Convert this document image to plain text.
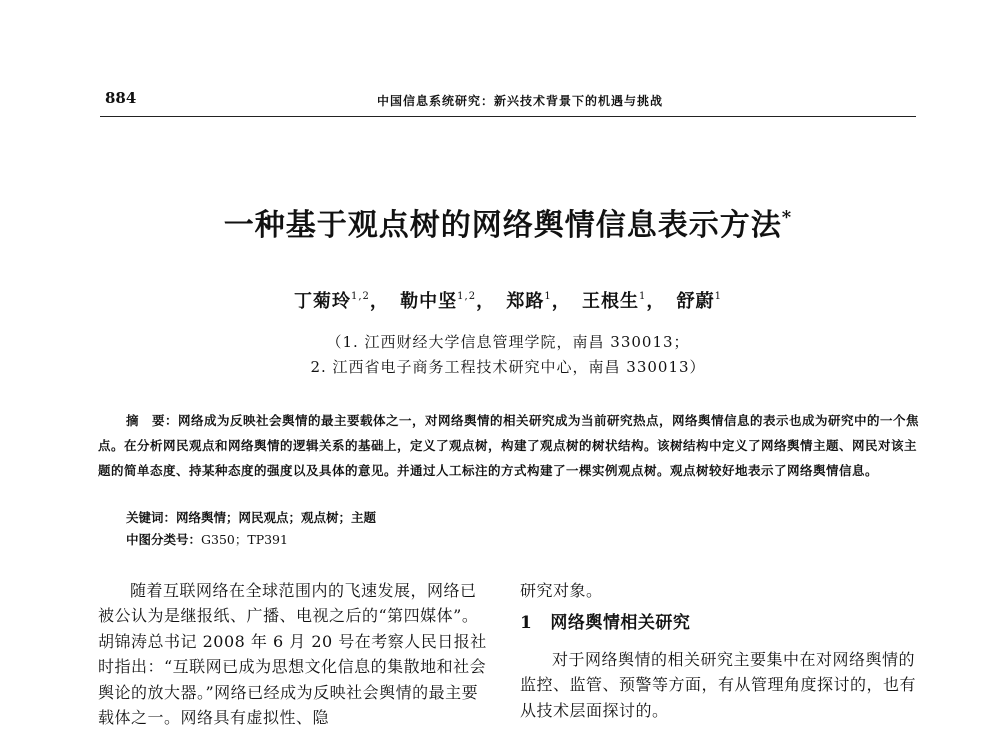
884	中国信息系统研究：新兴技术背景下的机遇与挑战
一种基于观点树的网络舆情信息表示方法*
丁菊玲$^{1,2}$， 勒中坚$^{1,2}$， 郑路$^1$， 王根生$^1$， 舒蔚$^1$
（1. 江西财经大学信息管理学院，南昌 330013；
2. 江西省电子商务工程技术研究中心，南昌 330013）
摘　要：网络成为反映社会舆情的最主要载体之一，对网络舆情的相关研究成为当前研究热点，网络舆情信息的表示也成为研究中的一个焦点。在分析网民观点和网络舆情的逻辑关系的基础上，定义了观点树，构建了观点树的树状结构。该树结构中定义了网络舆情主题、网民对该主题的简单态度、持某种态度的强度以及具体的意见。并通过人工标注的方式构建了一棵实例观点树。观点树较好地表示了网络舆情信息。
关键词：网络舆情；网民观点；观点树；主题
中图分类号：G350；TP391

随着互联网络在全球范围内的飞速发展，网络已被公认为是继报纸、广播、电视之后的“第四媒体”。胡锦涛总书记 2008 年 6 月 20 号在考察人民日报社时指出：“互联网已成为思想文化信息的集散地和社会舆论的放大器。”网络已经成为反映社会舆情的最主要载体之一。网络具有虚拟性、隐

研究对象。

1 网络舆情相关研究

对于网络舆情的相关研究主要集中在对网络舆情的监控、监管、预警等方面，有从管理角度探讨的，也有从技术层面探讨的。
